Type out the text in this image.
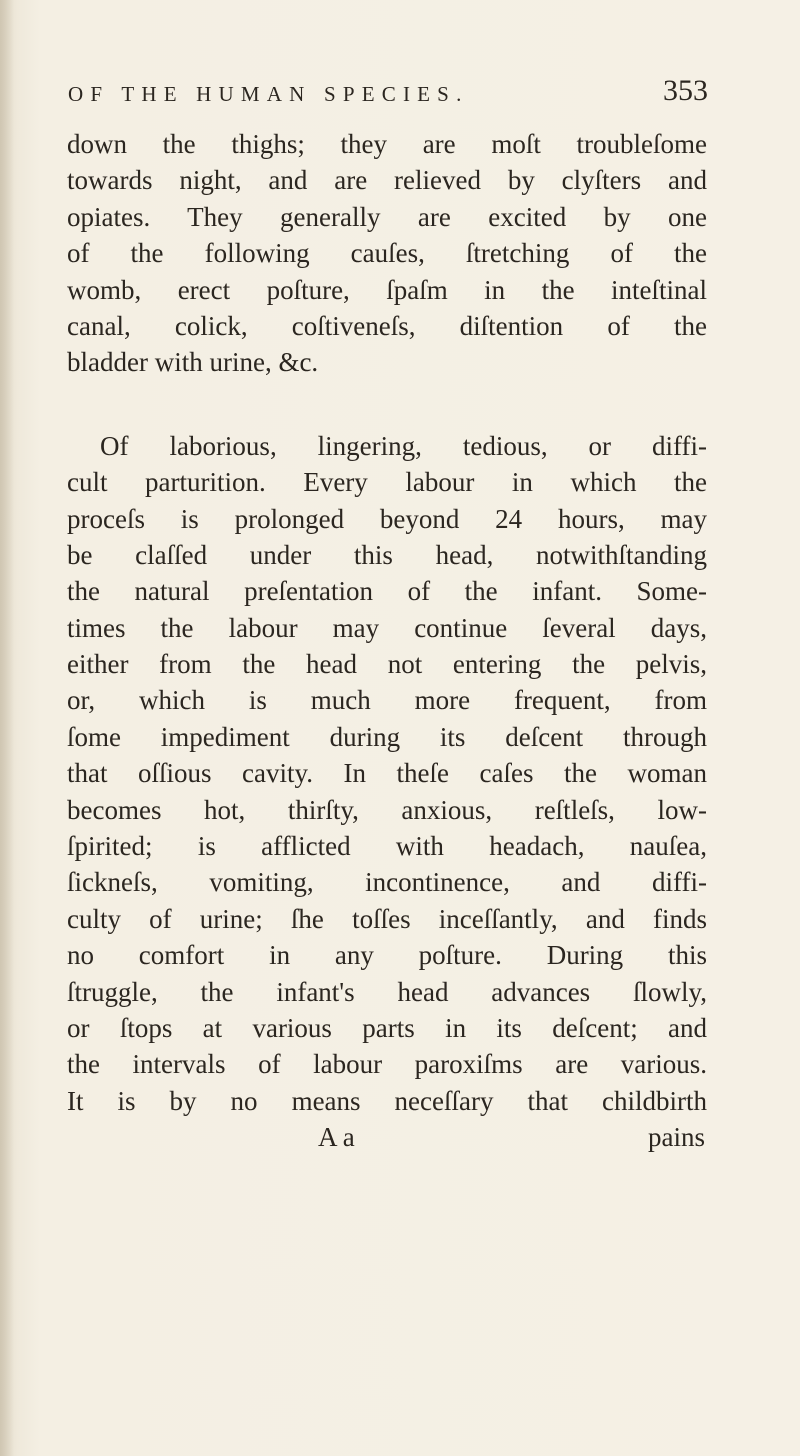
OF THE HUMAN SPECIES.	353
down the thighs; they are moſt troubleſome
towards night, and are relieved by clyſters and
opiates. They generally are excited by one
of the following cauſes, ſtretching of the
womb, erect poſture, ſpaſm in the inteſtinal
canal, colick, coſtiveneſs, diſtention of the
bladder with urine, &c.
Of laborious, lingering, tedious, or diffi-
cult parturition. Every labour in which the
proceſs is prolonged beyond 24 hours, may
be claſſed under this head, notwithſtanding
the natural preſentation of the infant. Some-
times the labour may continue ſeveral days,
either from the head not entering the pelvis,
or, which is much more frequent, from
ſome impediment during its deſcent through
that oſſious cavity. In theſe caſes the woman
becomes hot, thirſty, anxious, reſtleſs, low-
ſpirited; is afflicted with headach, nauſea,
ſickneſs, vomiting, incontinence, and diffi-
culty of urine; ſhe toſſes inceſſantly, and finds
no comfort in any poſture. During this
ſtruggle, the infant's head advances ſlowly,
or ſtops at various parts in its deſcent; and
the intervals of labour paroxiſms are various.
It is by no means neceſſary that childbirth
A a	pains
